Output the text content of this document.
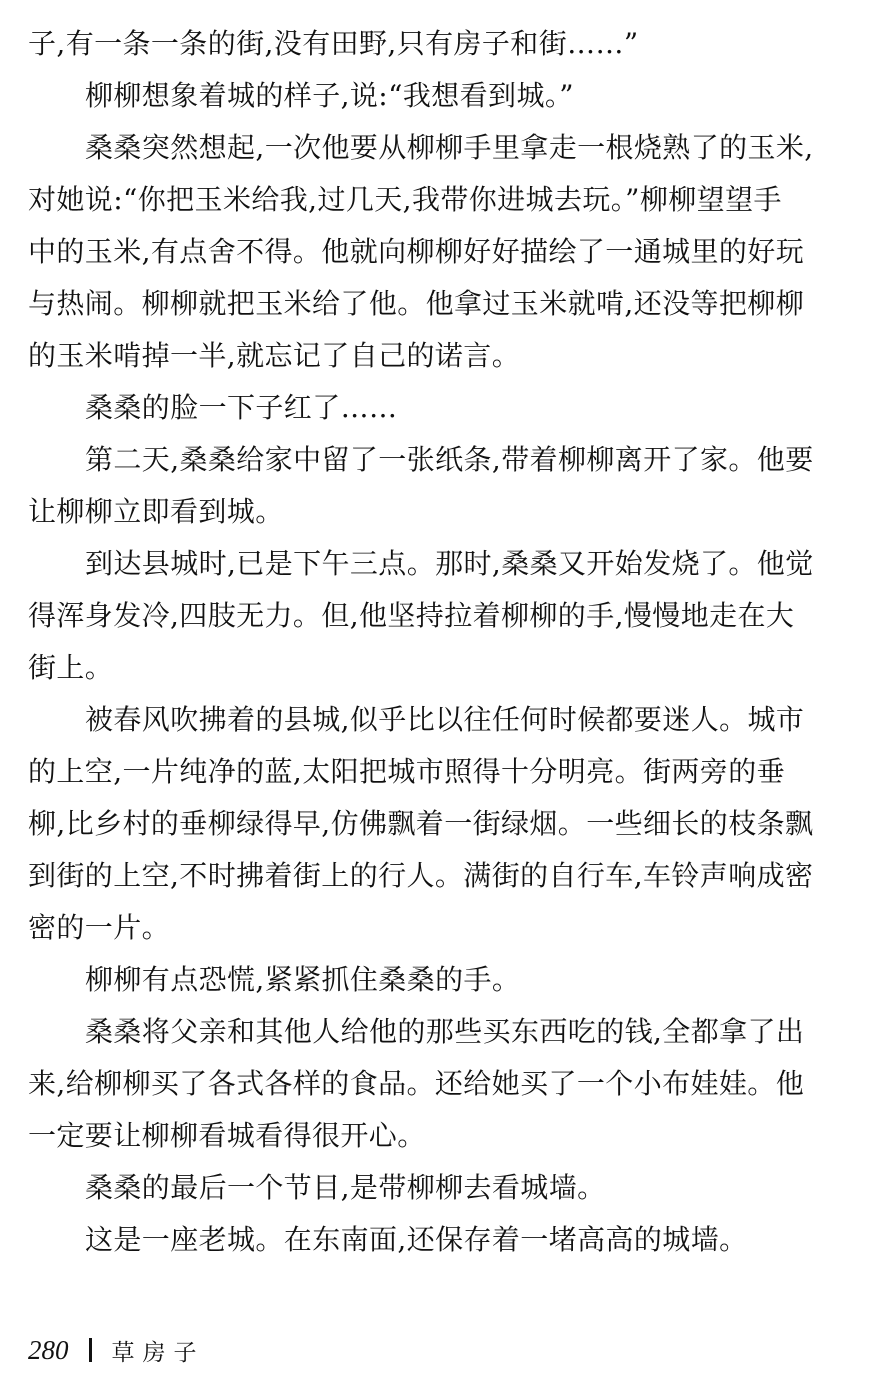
子,有一条一条的街,没有田野,只有房子和街……”
柳柳想象着城的样子,说:“我想看到城。”
桑桑突然想起,一次他要从柳柳手里拿走一根烧熟了的玉米,
对她说:“你把玉米给我,过几天,我带你进城去玩。”柳柳望望手
中的玉米,有点舍不得。他就向柳柳好好描绘了一通城里的好玩
与热闹。柳柳就把玉米给了他。他拿过玉米就啃,还没等把柳柳
的玉米啃掉一半,就忘记了自己的诺言。
桑桑的脸一下子红了……
第二天,桑桑给家中留了一张纸条,带着柳柳离开了家。他要
让柳柳立即看到城。
到达县城时,已是下午三点。那时,桑桑又开始发烧了。他觉
得浑身发冷,四肢无力。但,他坚持拉着柳柳的手,慢慢地走在大
街上。
被春风吹拂着的县城,似乎比以往任何时候都要迷人。城市
的上空,一片纯净的蓝,太阳把城市照得十分明亮。街两旁的垂
柳,比乡村的垂柳绿得早,仿佛飘着一街绿烟。一些细长的枝条飘
到街的上空,不时拂着街上的行人。满街的自行车,车铃声响成密
密的一片。
柳柳有点恐慌,紧紧抓住桑桑的手。
桑桑将父亲和其他人给他的那些买东西吃的钱,全都拿了出
来,给柳柳买了各式各样的食品。还给她买了一个小布娃娃。他
一定要让柳柳看城看得很开心。
桑桑的最后一个节目,是带柳柳去看城墙。
这是一座老城。在东南面,还保存着一堵高高的城墙。
280 草房子
